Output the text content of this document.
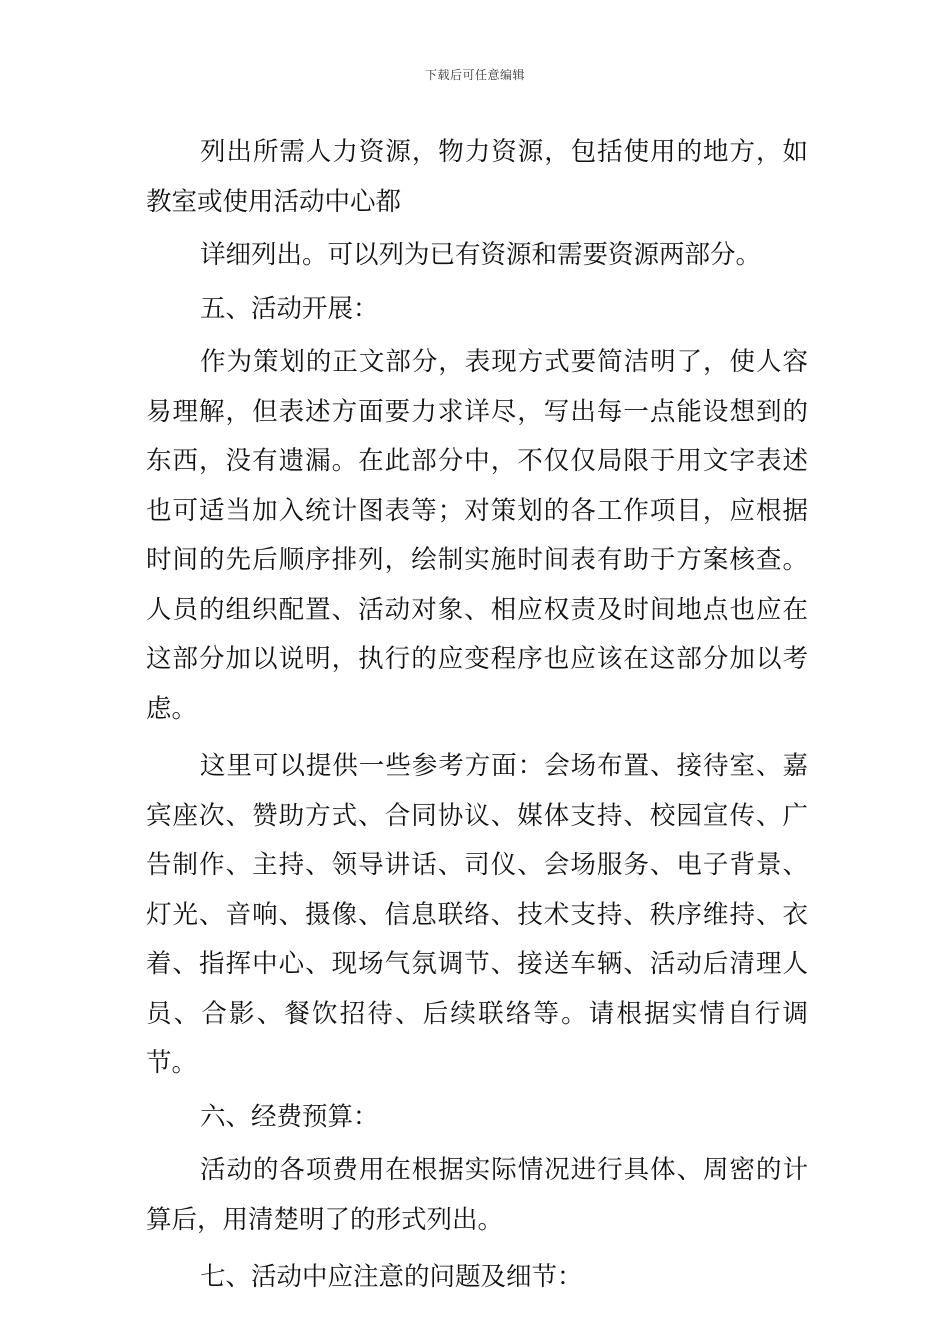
下载后可任意编辑

列出所需人力资源，物力资源，包括使用的地方，如教室或使用活动中心都

详细列出。可以列为已有资源和需要资源两部分。

五、活动开展：

作为策划的正文部分，表现方式要简洁明了，使人容易理解，但表述方面要力求详尽，写出每一点能设想到的东西，没有遗漏。在此部分中，不仅仅局限于用文字表述也可适当加入统计图表等；对策划的各工作项目，应根据时间的先后顺序排列，绘制实施时间表有助于方案核查。人员的组织配置、活动对象、相应权责及时间地点也应在这部分加以说明，执行的应变程序也应该在这部分加以考虑。

这里可以提供一些参考方面：会场布置、接待室、嘉宾座次、赞助方式、合同协议、媒体支持、校园宣传、广告制作、主持、领导讲话、司仪、会场服务、电子背景、灯光、音响、摄像、信息联络、技术支持、秩序维持、衣着、指挥中心、现场气氛调节、接送车辆、活动后清理人员、合影、餐饮招待、后续联络等。请根据实情自行调节。

六、经费预算：

活动的各项费用在根据实际情况进行具体、周密的计算后，用清楚明了的形式列出。

七、活动中应注意的问题及细节：
